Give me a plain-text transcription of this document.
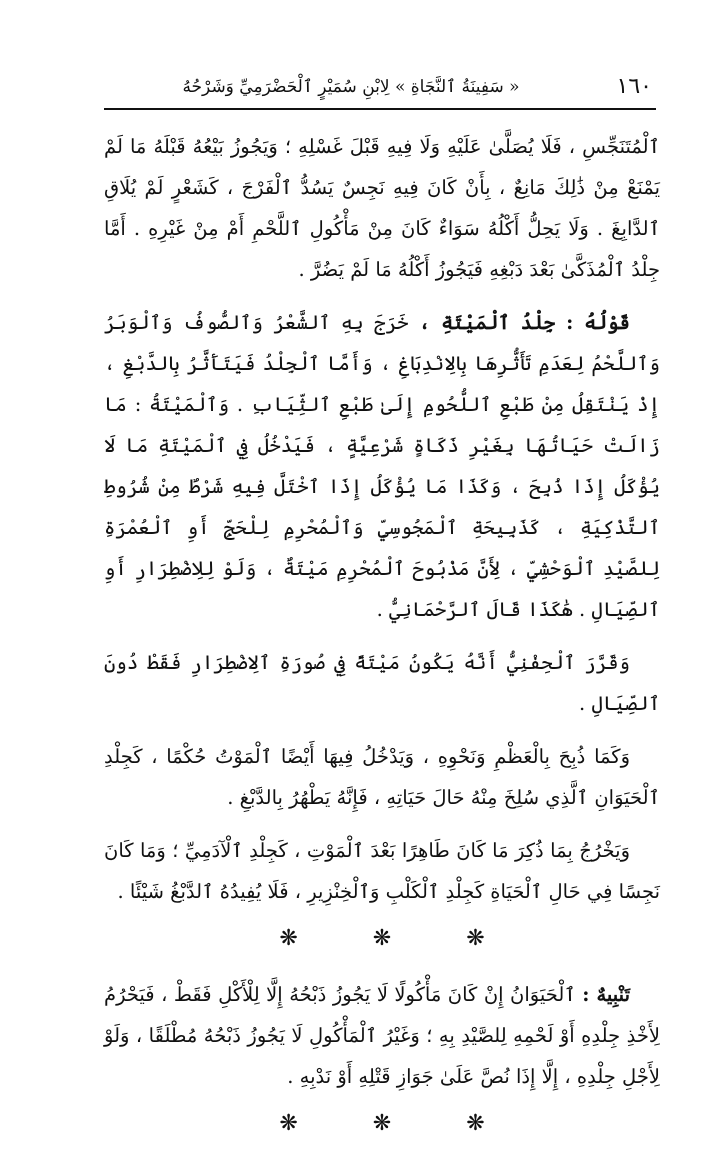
١٦٠
« سَفِينَةُ ٱلنَّجَاةِ » لِابْنِ سُمَيْرٍ ٱلْحَضْرَمِيِّ وَشَرْحُهُ

ٱلْمُتَنَجِّسِ ، فَلَا يُصَلَّىٰ عَلَيْهِ وَلَا فِيهِ قَبْلَ غَسْلِهِ ؛ وَيَجُوزُ بَيْعُهُ قَبْلَهُ مَا لَمْ يَمْنَعْ مِنْ ذَٰلِكَ مَانِعٌ ، بِأَنْ كَانَ فِيهِ نَجِسٌ يَسُدُّ ٱلْفَرْجَ ، كَشَعْرٍ لَمْ يُلَاقِ ٱلدَّابِغَ . وَلَا يَحِلُّ أَكْلُهُ سَوَاءٌ كَانَ مِنْ مَأْكُولِ ٱللَّحْمِ أَمْ مِنْ غَيْرِهِ . أَمَّا جِلْدُ ٱلْمُذَكَّىٰ بَعْدَ دَبْغِهِ فَيَجُوزُ أَكْلُهُ مَا لَمْ يَضُرَّ .

قَوْلُهُ : جِلْدُ ٱلْمَيْتَةِ ، خَرَجَ بِهِ ٱلشَّعْرُ وَٱلصُّوفُ وَٱلْوَبَرُ وَٱللَّحْمُ لِعَدَمِ تَأَثُّرِهَا بِالِانْدِبَاغِ ، وَأَمَّا ٱلْجِلْدُ فَيَتَأَثَّرُ بِالدَّبْغِ ، إِذْ يَنْتَقِلُ مِنْ طَبْعِ ٱللُّحُومِ إِلَىٰ طَبْعِ ٱلثِّيَابِ . وَٱلْمَيْتَةُ : مَا زَالَتْ حَيَاتُهَا بِغَيْرِ ذَكَاةٍ شَرْعِيَّةٍ ، فَيَدْخُلُ فِي ٱلْمَيْتَةِ مَا لَا يُؤْكَلُ إِذَا ذُبِحَ ، وَكَذَا مَا يُؤْكَلُ إِذَا ٱخْتَلَّ فِيهِ شَرْطٌ مِنْ شُرُوطِ ٱلتَّذْكِيَةِ ، كَذَبِيحَةِ ٱلْمَجُوسِيِّ وَٱلْمُحْرِمِ لِلْحَجِّ أَوِ ٱلْعُمْرَةِ لِلصَّيْدِ ٱلْوَحْشِيِّ ، لِأَنَّ مَذْبُوحَ ٱلْمُحْرِمِ مَيْتَةٌ ، وَلَوْ لِلِاضْطِرَارِ أَوِ ٱلصِّيَالِ . هَٰكَذَا قَالَ ٱلرَّحْمَانِيُّ .

وَقَرَّرَ ٱلْحِفْنِيُّ أَنَّهُ يَكُونُ مَيْتَةً فِي صُورَةِ ٱلِاضْطِرَارِ فَقَطْ دُونَ ٱلصِّيَالِ .

وَكَمَا ذُبِحَ بِالْعَظْمِ وَنَحْوِهِ ، وَيَدْخُلُ فِيهَا أَيْضًا ٱلْمَوْتُ حُكْمًا ، كَجِلْدِ ٱلْحَيَوَانِ ٱلَّذِي سُلِخَ مِنْهُ حَالَ حَيَاتِهِ ، فَإِنَّهُ يَطْهُرُ بِالدَّبْغِ .

وَيَخْرُجُ بِمَا ذُكِرَ مَا كَانَ طَاهِرًا بَعْدَ ٱلْمَوْتِ ، كَجِلْدِ ٱلْآدَمِيِّ ؛ وَمَا كَانَ نَجِسًا فِي حَالِ ٱلْحَيَاةِ كَجِلْدِ ٱلْكَلْبِ وَٱلْخِنْزِيرِ ، فَلَا يُفِيدُهُ ٱلدَّبْغُ شَيْئًا .

❋	❋	❋

تَنْبِيهٌ : ٱلْحَيَوَانُ إِنْ كَانَ مَأْكُولًا لَا يَجُوزُ ذَبْحُهُ إِلَّا لِلْأَكْلِ فَقَطْ ، فَيَحْرُمُ لِأَخْذِ جِلْدِهِ أَوْ لَحْمِهِ لِلصَّيْدِ بِهِ ؛ وَغَيْرُ ٱلْمَأْكُولِ لَا يَجُوزُ ذَبْحُهُ مُطْلَقًا ، وَلَوْ لِأَجْلِ جِلْدِهِ ، إِلَّا إِذَا نُصَّ عَلَىٰ جَوَازِ قَتْلِهِ أَوْ نَدْبِهِ .

❋	❋	❋
